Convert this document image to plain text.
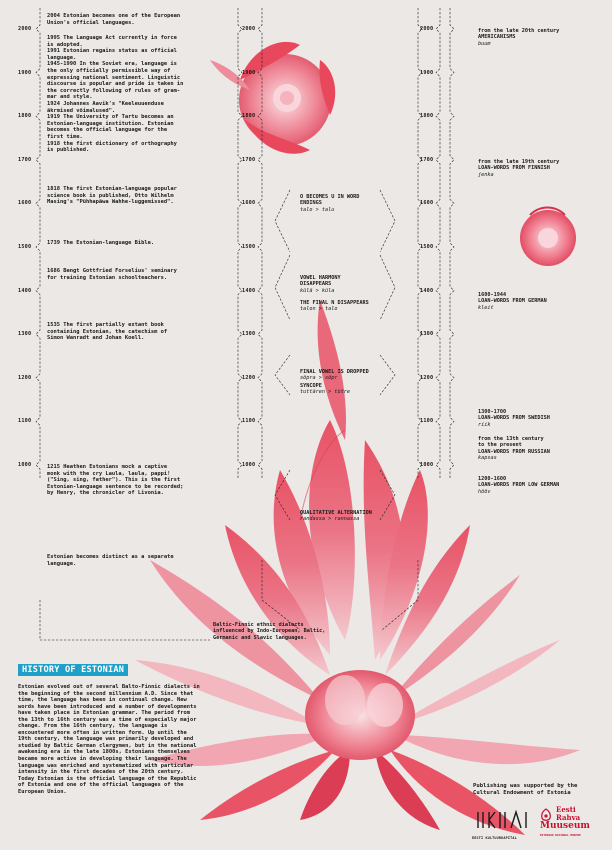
2000
1900
1800
1700
1600
1500
1400
1300
1200
1100
1000
2000
1900
1800
1700
1600
1500
1400
1300
1200
1100
1000
2000
1900
1800
1700
1600
1500
1400
1300
1200
1100
1000
2004 Estonian becomes one of the European
Union's official languages.
1995 The Language Act currently in force
is adopted.
1991 Estonian regains status as official
language.
1945-1990 In the Soviet era, language is
the only officially permissible way of
expressing national sentiment. Linguistic
discourse is popular and pride is taken in
the correctly following of rules of gram-
mar and style.
1924 Johannes Aavik's "Keeleuuenduse
äkrmised võimalused".
1919 The University of Tartu becomes an
Estonian-language institution. Estonian
becomes the official language for the
first time.
1918 the first dictionary of orthography
is published.
1818 The first Estonian-language popular
science book is published, Otto Wilhelm
Masing's "Pühhapäwa Wahhe-luggemissed".
1739 The Estonian-language Bible.
1686 Bengt Gottfried Forselius' seminary
for training Estonian schoolteachers.
1535 The first partially extant book
containing Estonian, the catechism of
Simon Wanradt and Johan Koell.
1215 Heathen Estonians mock a captive
monk with the cry Laula, laula, pappi!
("Sing, sing, father"). This is the first
Estonian-language sentence to be recorded;
by Henry, the chronicler of Livonia.
Estonian becomes distinct as a separate
language.
O BECOMES U IN WORD
ENDINGS
talo > talu
VOWEL HARMONY
DISAPPEARS
külä > küla
THE FINAL N DISAPPEARS
talon > talo
FINAL VOWEL IS DROPPED
sõpra > sõpr
SYNCOPE
tuttären > tütre
QUALITATIVE ALTERNATION
randassa > rannassa
from the late 20th century
AMERICANISMS
buum
from the late 19th century
LOAN-WORDS FROM FINNISH
jenka
1600-1944
LOAN-WORDS FROM GERMAN
kleit
1300-1700
LOAN-WORDS FROM SWEDISH
riik
from the 13th century
to the present
LOAN-WORDS FROM RUSSIAN
kapsas
1200-1600
LOAN-WORDS FROM LOW GERMAN
hööv
Baltic-Finnic ethnic dialects
influenced by Indo-European, Baltic,
Germanic and Slavic languages.
HISTORY OF ESTONIAN
Estonian evolved out of several Balto-Finnic dialects in the beginning of the second millennium A.D. Since that time, the language has been in continual change. New words have been introduced and a number of developments have taken place in Estonian grammar. The period from the 13th to 16th century was a time of especially major change. From the 16th century, the language is encountered more often in written form. Up until the 19th century, the language was primarily developed and studied by Baltic German clergymen, but in the national awakening era in the late 1800s, Estonians themselves became more active in developing their language. The language was enriched and systematized with particular intensity in the first decades of the 20th century. Today Estonian is the official language of the Republic of Estonia and one of the official languages of the European Union.
Publishing was supported by the Cultural Endowment of Estonia
EESTI KULTUURKAPITAL
Eesti
Rahva
Muuseum
ESTONIAN NATIONAL MUSEUM
